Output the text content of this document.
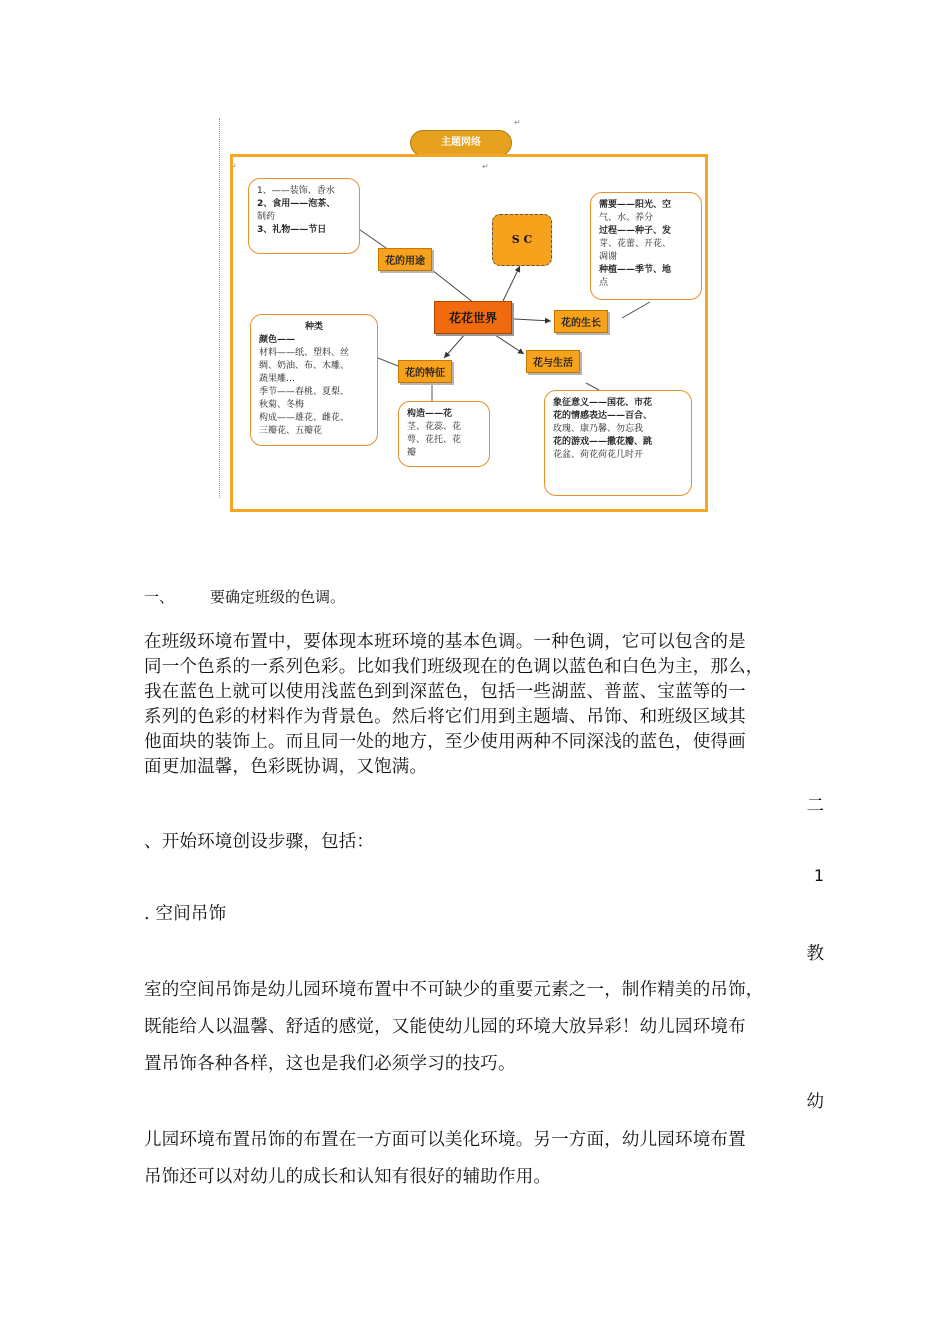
主题网络
↵
↵	↵
1、——装饰、香水
2、食用——泡茶、
制药
3、礼物——节日
需要——阳光、空
气、水、养分
过程——种子、发
芽、花蕾、开花、
凋谢
种植——季节、地
点
种类
颜色——
材料——纸、塑料、丝
绸、奶油、布、木雕、
蔬果雕…
季节——春桃、夏梨、
秋菊、冬梅
构成——雄花、雌花、
三瓣花、五瓣花
构造——花
茎、花蕊、花
萼、花托、花
瓣
象征意义——国花、市花
花的情感表达——百合、
玫瑰、康乃馨、勿忘我
花的游戏——撒花瓣、跳
花盆、荷花荷花几时开
S C
花花世界
花的用途
花的生长
花与生活
花的特征
一、 要确定班级的色调。
在班级环境布置中，要体现本班环境的基本色调。一种色调，它可以包含的是
同一个色系的一系列色彩。比如我们班级现在的色调以蓝色和白色为主，那么，
我在蓝色上就可以使用浅蓝色到到深蓝色，包括一些湖蓝、普蓝、宝蓝等的一
系列的色彩的材料作为背景色。然后将它们用到主题墙、吊饰、和班级区域其
他面块的装饰上。而且同一处的地方，至少使用两种不同深浅的蓝色，使得画
面更加温馨，色彩既协调，又饱满。
二
、开始环境创设步骤，包括：
1
. 空间吊饰
教
室的空间吊饰是幼儿园环境布置中不可缺少的重要元素之一，制作精美的吊饰，
既能给人以温馨、舒适的感觉，又能使幼儿园的环境大放异彩！幼儿园环境布
置吊饰各种各样，这也是我们必须学习的技巧。
幼
儿园环境布置吊饰的布置在一方面可以美化环境。另一方面，幼儿园环境布置
吊饰还可以对幼儿的成长和认知有很好的辅助作用。
